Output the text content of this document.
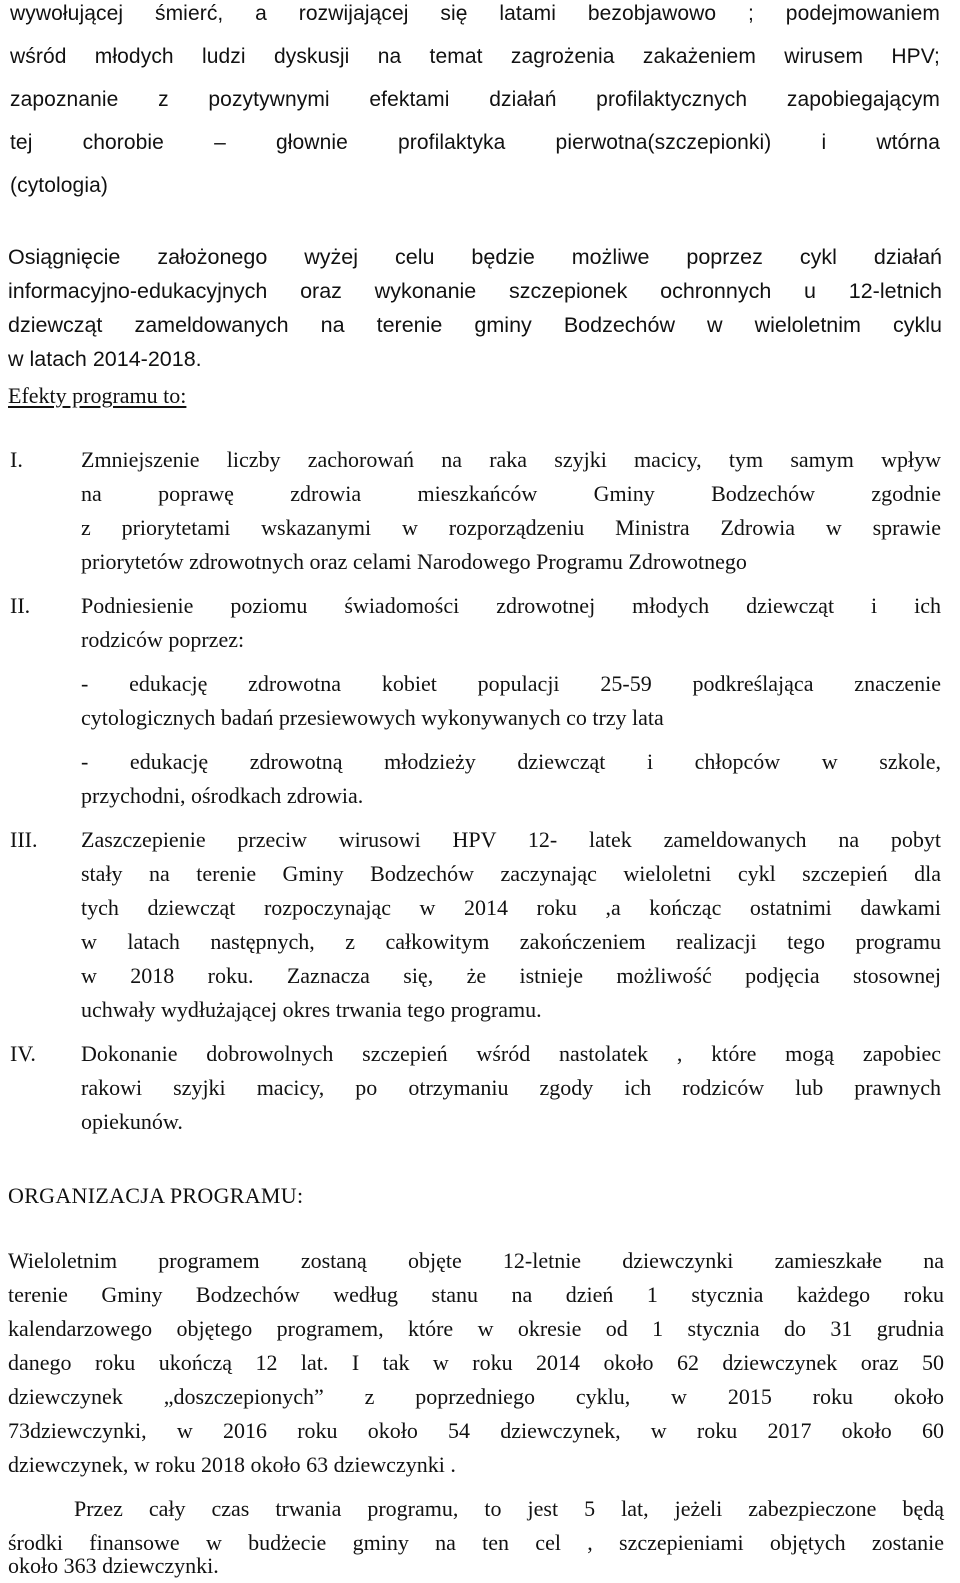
wywołującej śmierć, a rozwijającej się latami bezobjawowo ; podejmowaniem
wśród młodych ludzi dyskusji na temat zagrożenia zakażeniem wirusem HPV;
zapoznanie z pozytywnymi efektami działań profilaktycznych zapobiegającym
tej chorobie – głownie profilaktyka pierwotna(szczepionki) i wtórna
(cytologia)
Osiągnięcie założonego wyżej celu będzie możliwe poprzez cykl działań
informacyjno-edukacyjnych oraz wykonanie szczepionek ochronnych u 12-letnich
dziewcząt zameldowanych na terenie gminy Bodzechów w wieloletnim cyklu
w latach 2014-2018.
Efekty programu to:
I.	Zmniejszenie liczby zachorowań na raka szyjki macicy, tym samym wpływ
na poprawę zdrowia mieszkańców Gminy Bodzechów zgodnie
z priorytetami wskazanymi w rozporządzeniu Ministra Zdrowia w sprawie
priorytetów zdrowotnych oraz celami Narodowego Programu Zdrowotnego
II. Podniesienie poziomu świadomości zdrowotnej młodych dziewcząt i ich
rodziców poprzez:
- edukację zdrowotna kobiet populacji 25-59 podkreślająca znaczenie
cytologicznych badań przesiewowych wykonywanych co trzy lata
- edukację zdrowotną młodzieży dziewcząt i chłopców w szkole,
przychodni, ośrodkach zdrowia.
III. Zaszczepienie przeciw wirusowi HPV 12- latek zameldowanych na pobyt
stały na terenie Gminy Bodzechów zaczynając wieloletni cykl szczepień dla
tych dziewcząt rozpoczynając w 2014 roku ,a kończąc ostatnimi dawkami
w latach następnych, z całkowitym zakończeniem realizacji tego programu
w 2018 roku. Zaznacza się, że istnieje możliwość podjęcia stosownej
uchwały wydłużającej okres trwania tego programu.
IV. Dokonanie dobrowolnych szczepień wśród nastolatek , które mogą zapobiec
rakowi szyjki macicy, po otrzymaniu zgody ich rodziców lub prawnych
opiekunów.
ORGANIZACJA PROGRAMU:
Wieloletnim programem zostaną objęte 12-letnie dziewczynki zamieszkałe na
terenie Gminy Bodzechów według stanu na dzień 1 stycznia każdego roku
kalendarzowego objętego programem, które w okresie od 1 stycznia do 31 grudnia
danego roku ukończą 12 lat. I tak w roku 2014 około 62 dziewczynek oraz 50
dziewczynek „doszczepionych” z poprzedniego cyklu, w 2015 roku około
73dziewczynki, w 2016 roku około 54 dziewczynek, w roku 2017 około 60
dziewczynek, w roku 2018 około 63 dziewczynki .
Przez cały czas trwania programu, to jest 5 lat, jeżeli zabezpieczone będą
środki finansowe w budżecie gminy na ten cel , szczepieniami objętych zostanie
około 363 dziewczynki.
